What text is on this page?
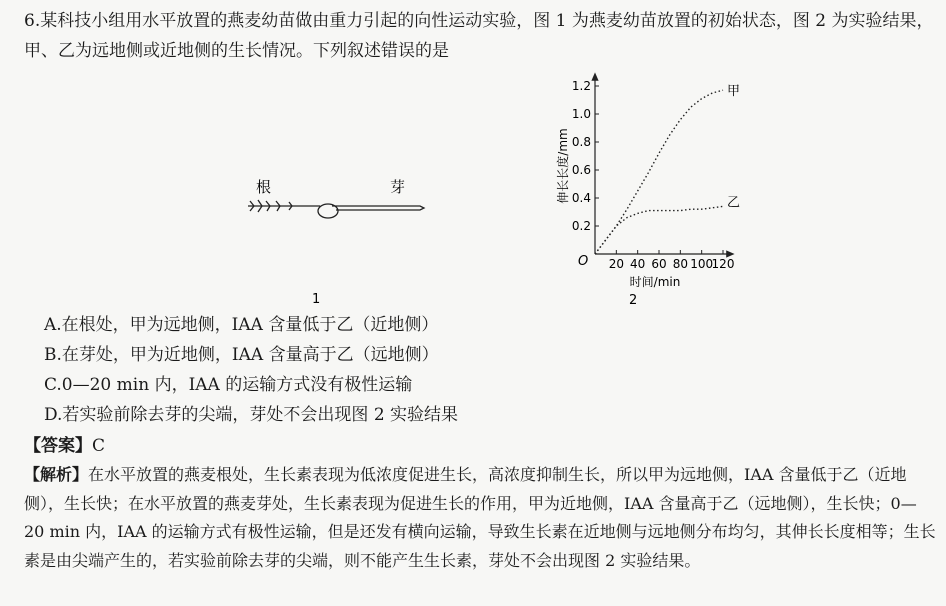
6.某科技小组用水平放置的燕麦幼苗做由重力引起的向性运动实验，图 1 为燕麦幼苗放置的初始状态，图 2 为实验结果，甲、乙为远地侧或近地侧的生长情况。下列叙述错误的是

根	芽
1
O
伸长长度/mm
时间/min
2
20 40 60 80 100
120
0.2
0.4
0.6
0.8
1.0
1.2	甲
乙

A.在根处，甲为远地侧，IAA 含量低于乙（近地侧）

B.在芽处，甲为近地侧，IAA 含量高于乙（远地侧）

C.0—20 min 内，IAA 的运输方式没有极性运输

D.若实验前除去芽的尖端，芽处不会出现图 2 实验结果

【答案】C

【解析】在水平放置的燕麦根处，生长素表现为低浓度促进生长，高浓度抑制生长，所以甲为远地侧，IAA 含量低于乙（近地侧），生长快；在水平放置的燕麦芽处，生长素表现为促进生长的作用，甲为近地侧，IAA 含量高于乙（远地侧），生长快；0—20 min 内，IAA 的运输方式有极性运输，但是还发有横向运输，导致生长素在近地侧与远地侧分布均匀，其伸长长度相等；生长素是由尖端产生的，若实验前除去芽的尖端，则不能产生生长素，芽处不会出现图 2 实验结果。
